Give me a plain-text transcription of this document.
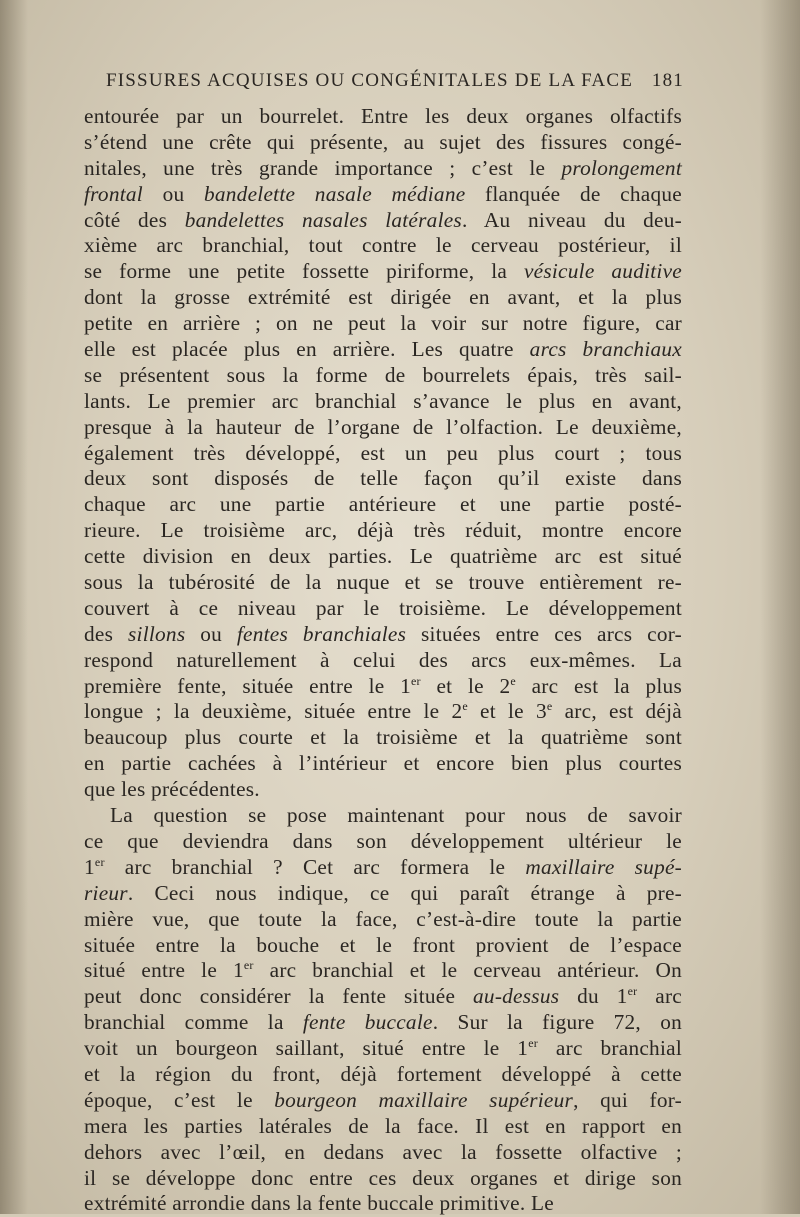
FISSURES ACQUISES OU CONGÉNITALES DE LA FACE 181
entourée par un bourrelet. Entre les deux organes olfactifs
s’étend une crête qui présente, au sujet des fissures congé-
nitales, une très grande importance ; c’est le prolongement
frontal ou bandelette nasale médiane flanquée de chaque
côté des bandelettes nasales latérales. Au niveau du deu-
xième arc branchial, tout contre le cerveau postérieur, il
se forme une petite fossette piriforme, la vésicule auditive
dont la grosse extrémité est dirigée en avant, et la plus
petite en arrière ; on ne peut la voir sur notre figure, car
elle est placée plus en arrière. Les quatre arcs branchiaux
se présentent sous la forme de bourrelets épais, très sail-
lants. Le premier arc branchial s’avance le plus en avant,
presque à la hauteur de l’organe de l’olfaction. Le deuxième,
également très développé, est un peu plus court ; tous
deux sont disposés de telle façon qu’il existe dans
chaque arc une partie antérieure et une partie posté-
rieure. Le troisième arc, déjà très réduit, montre encore
cette division en deux parties. Le quatrième arc est situé
sous la tubérosité de la nuque et se trouve entièrement re-
couvert à ce niveau par le troisième. Le développement
des sillons ou fentes branchiales situées entre ces arcs cor-
respond naturellement à celui des arcs eux-mêmes. La
première fente, située entre le 1er et le 2e arc est la plus
longue ; la deuxième, située entre le 2e et le 3e arc, est déjà
beaucoup plus courte et la troisième et la quatrième sont
en partie cachées à l’intérieur et encore bien plus courtes
que les précédentes.
La question se pose maintenant pour nous de savoir
ce que deviendra dans son développement ultérieur le
1er arc branchial ? Cet arc formera le maxillaire supé-
rieur. Ceci nous indique, ce qui paraît étrange à pre-
mière vue, que toute la face, c’est-à-dire toute la partie
située entre la bouche et le front provient de l’espace
situé entre le 1er arc branchial et le cerveau antérieur. On
peut donc considérer la fente située au-dessus du 1er arc
branchial comme la fente buccale. Sur la figure 72, on
voit un bourgeon saillant, situé entre le 1er arc branchial
et la région du front, déjà fortement développé à cette
époque, c’est le bourgeon maxillaire supérieur, qui for-
mera les parties latérales de la face. Il est en rapport en
dehors avec l’œil, en dedans avec la fossette olfactive ;
il se développe donc entre ces deux organes et dirige son
extrémité arrondie dans la fente buccale primitive. Le
